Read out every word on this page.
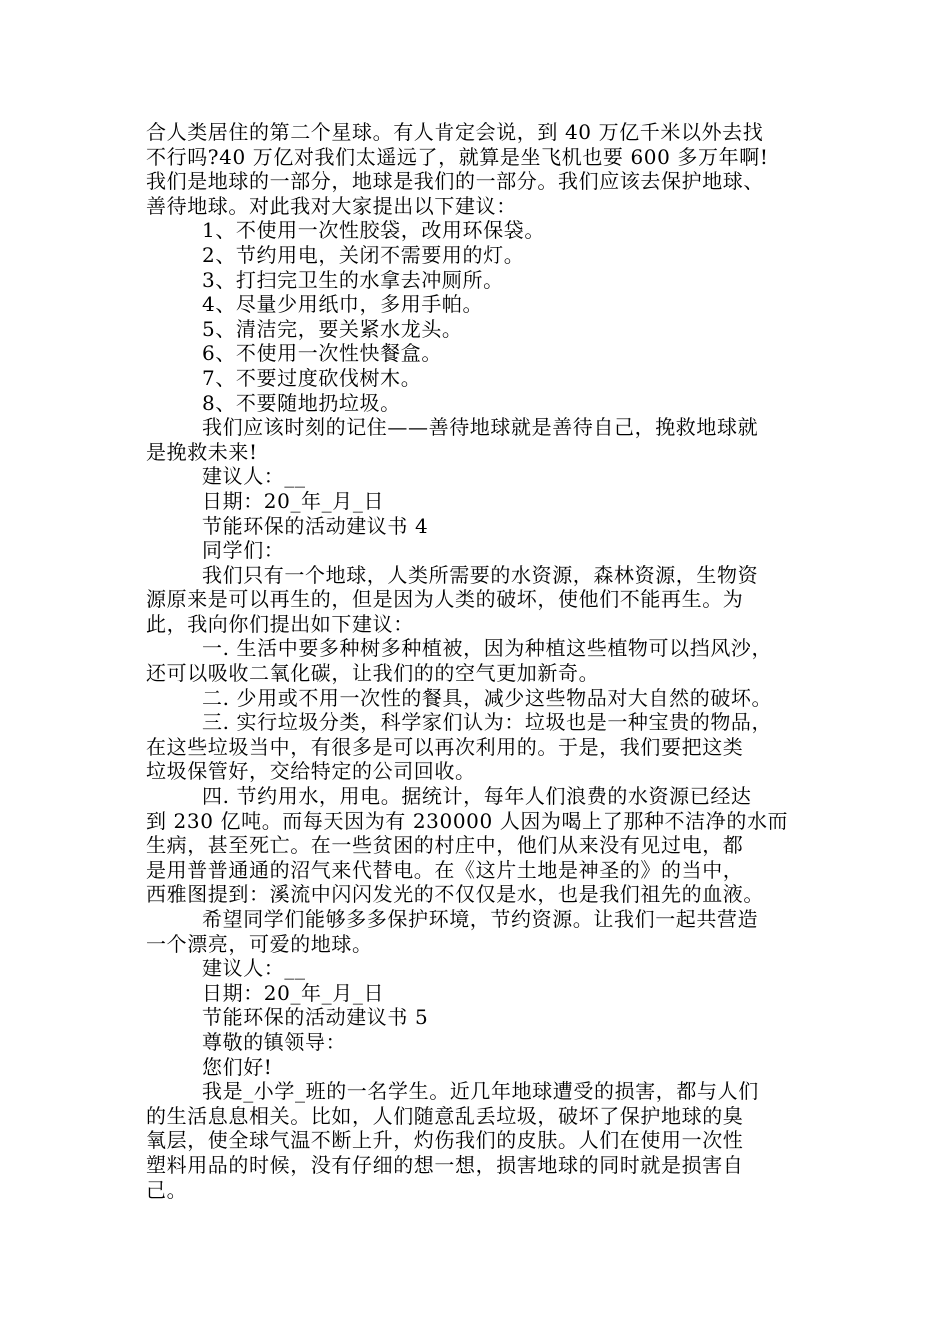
合人类居住的第二个星球。有人肯定会说，到 40 万亿千米以外去找
不行吗?40 万亿对我们太遥远了，就算是坐飞机也要 600 多万年啊!
我们是地球的一部分，地球是我们的一部分。我们应该去保护地球、
善待地球。对此我对大家提出以下建议：
1、不使用一次性胶袋，改用环保袋。
2、节约用电，关闭不需要用的灯。
3、打扫完卫生的水拿去冲厕所。
4、尽量少用纸巾，多用手帕。
5、清洁完，要关紧水龙头。
6、不使用一次性快餐盒。
7、不要过度砍伐树木。
8、不要随地扔垃圾。
我们应该时刻的记住——善待地球就是善待自己，挽救地球就
是挽救未来!
建议人：__
日期：20_年_月_日
节能环保的活动建议书 4
同学们：
我们只有一个地球，人类所需要的水资源，森林资源，生物资
源原来是可以再生的，但是因为人类的破坏，使他们不能再生。为
此，我向你们提出如下建议：
一. 生活中要多种树多种植被，因为种植这些植物可以挡风沙，
还可以吸收二氧化碳，让我们的的空气更加新奇。
二. 少用或不用一次性的餐具，减少这些物品对大自然的破坏。
三. 实行垃圾分类，科学家们认为：垃圾也是一种宝贵的物品，
在这些垃圾当中，有很多是可以再次利用的。于是，我们要把这类
垃圾保管好，交给特定的公司回收。
四. 节约用水，用电。据统计，每年人们浪费的水资源已经达
到 230 亿吨。而每天因为有 230000 人因为喝上了那种不洁净的水而
生病，甚至死亡。在一些贫困的村庄中，他们从来没有见过电，都
是用普普通通的沼气来代替电。在《这片土地是神圣的》的当中，
西雅图提到：溪流中闪闪发光的不仅仅是水，也是我们祖先的血液。
希望同学们能够多多保护环境，节约资源。让我们一起共营造
一个漂亮，可爱的地球。
建议人：__
日期：20_年_月_日
节能环保的活动建议书 5
尊敬的镇领导：
您们好!
我是_小学_班的一名学生。近几年地球遭受的损害，都与人们
的生活息息相关。比如，人们随意乱丢垃圾，破坏了保护地球的臭
氧层，使全球气温不断上升，灼伤我们的皮肤。人们在使用一次性
塑料用品的时候，没有仔细的想一想，损害地球的同时就是损害自
己。
